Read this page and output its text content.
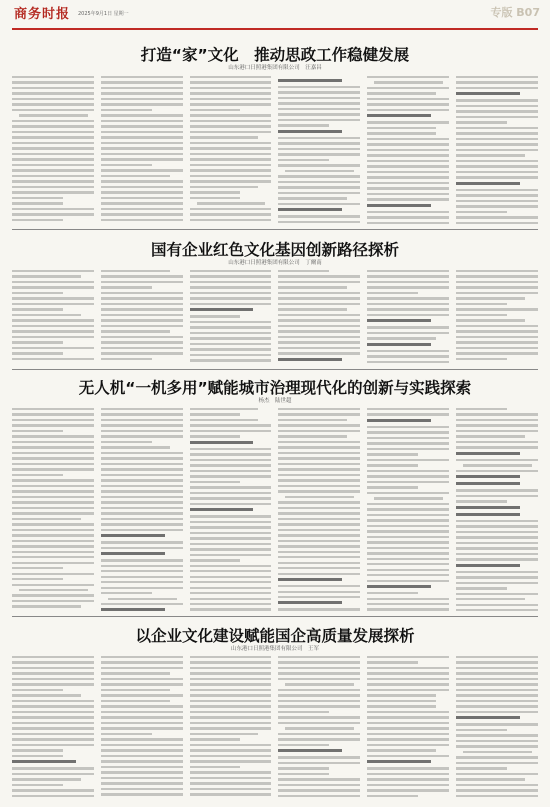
商务时报 2025年9月1日 星期一	专版 B07
打造“家”文化　推动思政工作稳健发展
山东港口日照港集团有限公司　汪嘉昌
国有企业红色文化基因创新路径探析
山东港口日照港集团有限公司　丁爾南
无人机“一机多用”赋能城市治理现代化的创新与实践探索
杨杰　陆世超
以企业文化建设赋能国企高质量发展探析
山东港口日照港集团有限公司　王军
